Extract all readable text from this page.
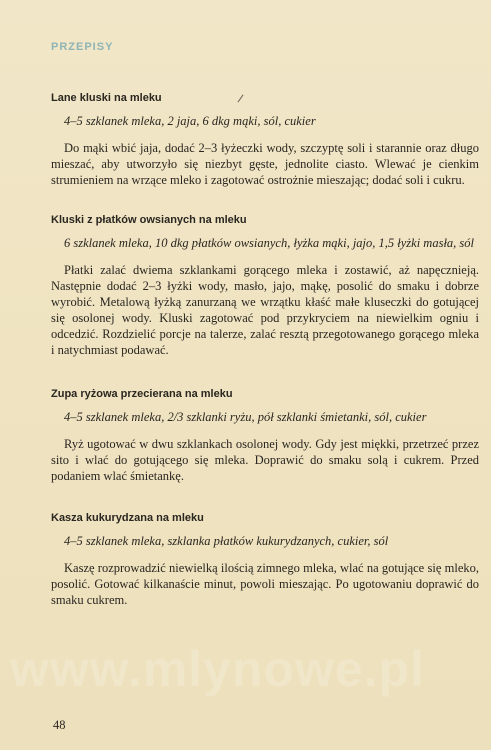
PRZEPISY
Lane kluski na mleku
4–5 szklanek mleka, 2 jaja, 6 dkg mąki, sól, cukier

Do mąki wbić jaja, dodać 2–3 łyżeczki wody, szczyptę soli i starannie oraz długo mieszać, aby utworzyło się niezbyt gęste, jednolite ciasto. Wlewać je cienkim strumieniem na wrzące mleko i zagotować ostrożnie mieszając; dodać soli i cukru.

Kluski z płatków owsianych na mleku
6 szklanek mleka, 10 dkg płatków owsianych, łyżka mąki, jajo, 1,5 łyżki masła, sól

Płatki zalać dwiema szklankami gorącego mleka i zostawić, aż napęcznieją. Następnie dodać 2–3 łyżki wody, masło, jajo, mąkę, posolić do smaku i dobrze wyrobić. Metalową łyżką zanurzaną we wrzątku kłaść małe kluseczki do gotującej się osolonej wody. Kluski zagotować pod przykryciem na niewielkim ogniu i odcedzić. Rozdzielić porcje na talerze, zalać resztą przegotowanego gorącego mleka i natychmiast podawać.

Zupa ryżowa przecierana na mleku
4–5 szklanek mleka, 2/3 szklanki ryżu, pół szklanki śmietanki, sól, cukier

Ryż ugotować w dwu szklankach osolonej wody. Gdy jest miękki, przetrzeć przez sito i wlać do gotującego się mleka. Doprawić do smaku solą i cukrem. Przed podaniem wlać śmietankę.

Kasza kukurydzana na mleku
4–5 szklanek mleka, szklanka płatków kukurydzanych, cukier, sól

Kaszę rozprowadzić niewielką ilością zimnego mleka, wlać na gotujące się mleko, posolić. Gotować kilkanaście minut, powoli mieszając. Po ugotowaniu doprawić do smaku cukrem.

www.mlynowe.pl
48
